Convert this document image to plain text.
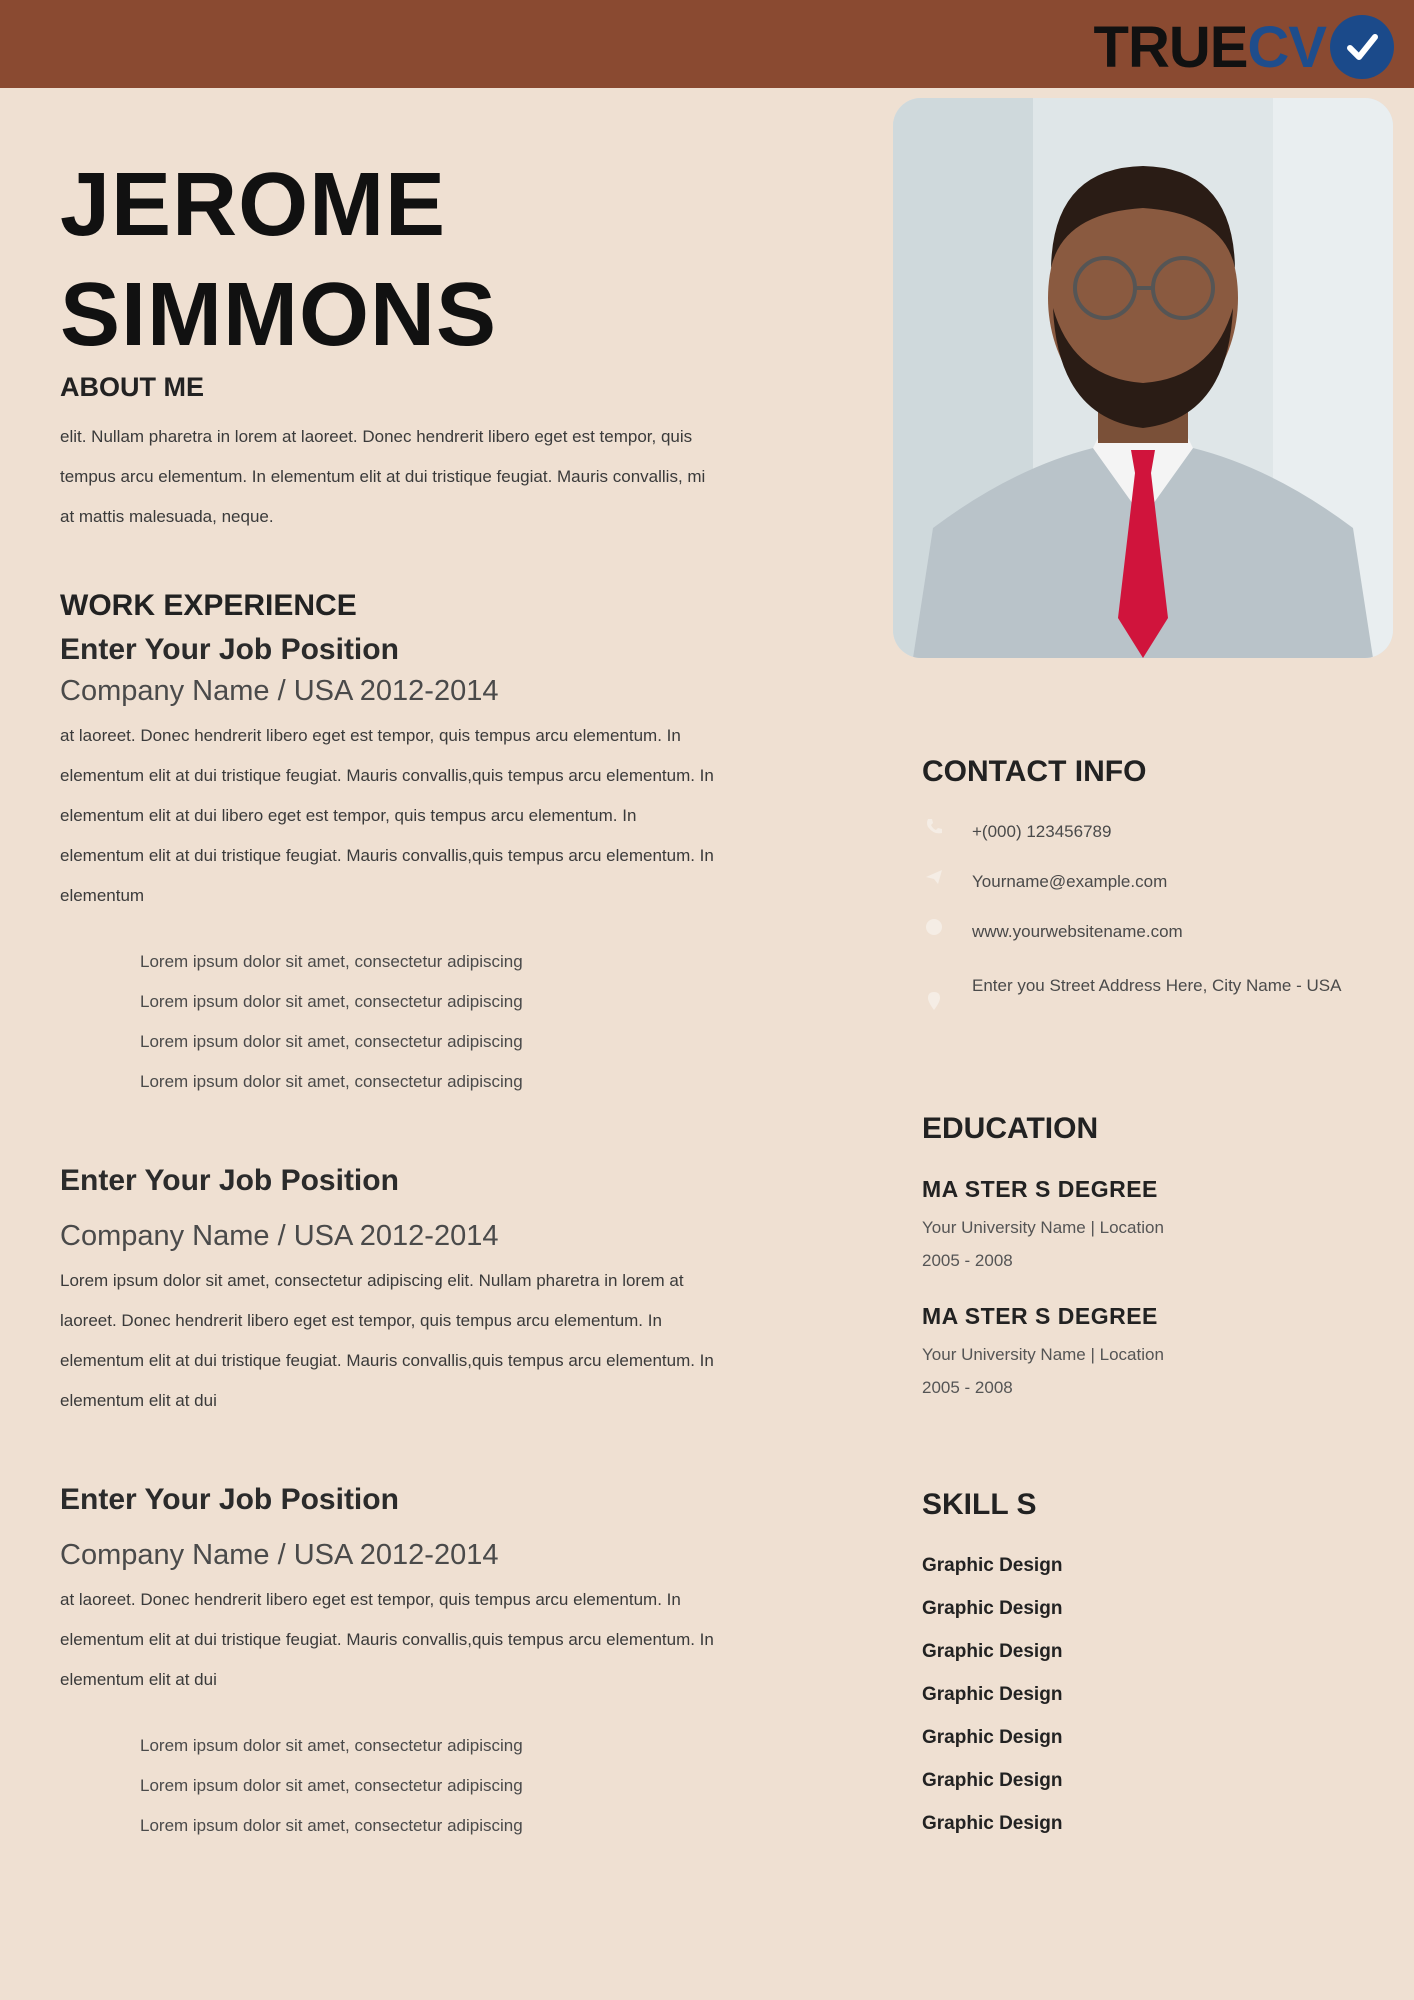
TRUE CV
JEROME
SIMMONS
ABOUT ME

elit. Nullam pharetra in lorem at laoreet. Donec hendrerit libero eget est tempor, quis

tempus arcu elementum. In elementum elit at dui tristique feugiat. Mauris convallis, mi

at mattis malesuada, neque.

WORK EXPERIENCE
Enter Your Job Position

Company Name / USA 2012-2014

at laoreet. Donec hendrerit libero eget est tempor, quis tempus arcu elementum. In

elementum elit at dui tristique feugiat. Mauris convallis,quis tempus arcu elementum. In

elementum elit at dui libero eget est tempor, quis tempus arcu elementum. In

elementum elit at dui tristique feugiat. Mauris convallis,quis tempus arcu elementum. In

elementum

Lorem ipsum dolor sit amet, consectetur adipiscing
Lorem ipsum dolor sit amet, consectetur adipiscing
Lorem ipsum dolor sit amet, consectetur adipiscing
Lorem ipsum dolor sit amet, consectetur adipiscing
Enter Your Job Position

Company Name / USA 2012-2014

Lorem ipsum dolor sit amet, consectetur adipiscing elit. Nullam pharetra in lorem at

laoreet. Donec hendrerit libero eget est tempor, quis tempus arcu elementum. In

elementum elit at dui tristique feugiat. Mauris convallis,quis tempus arcu elementum. In

elementum elit at dui

Enter Your Job Position

Company Name / USA 2012-2014

at laoreet. Donec hendrerit libero eget est tempor, quis tempus arcu elementum. In

elementum elit at dui tristique feugiat. Mauris convallis,quis tempus arcu elementum. In

elementum elit at dui

Lorem ipsum dolor sit amet, consectetur adipiscing
Lorem ipsum dolor sit amet, consectetur adipiscing
Lorem ipsum dolor sit amet, consectetur adipiscing
CONTACT INFO
+(000) 123456789
Yourname@example.com
www.yourwebsitename.com
Enter you Street Address Here, City Name - USA
EDUCATION

MA STER S DEGREE

Your University Name | Location

2005 - 2008

MA STER S DEGREE

Your University Name | Location

2005 - 2008

SKILL S
Graphic Design
Graphic Design
Graphic Design
Graphic Design
Graphic Design
Graphic Design
Graphic Design
